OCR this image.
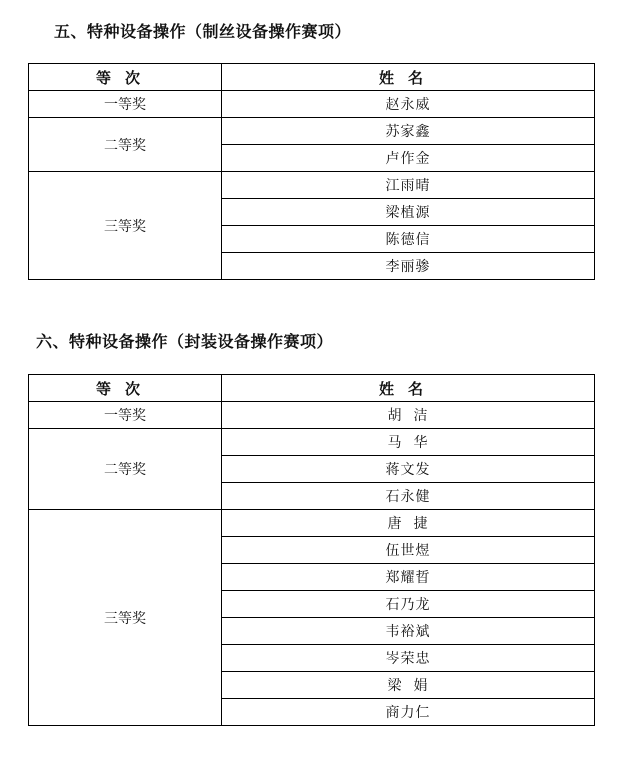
五、特种设备操作（制丝设备操作赛项）
等次	姓名
一等奖	赵永威
二等奖	苏家鑫
	卢作金
三等奖	江雨晴
	梁植源
	陈德信
	李丽骖
六、特种设备操作（封装设备操作赛项）
等次	姓名
一等奖	胡  洁
二等奖	马  华
	蒋文发
	石永健
三等奖	唐  捷
	伍世煜
	郑耀晢
	石乃龙
	韦裕斌
	岑荣忠
	梁  娟
	商力仁
